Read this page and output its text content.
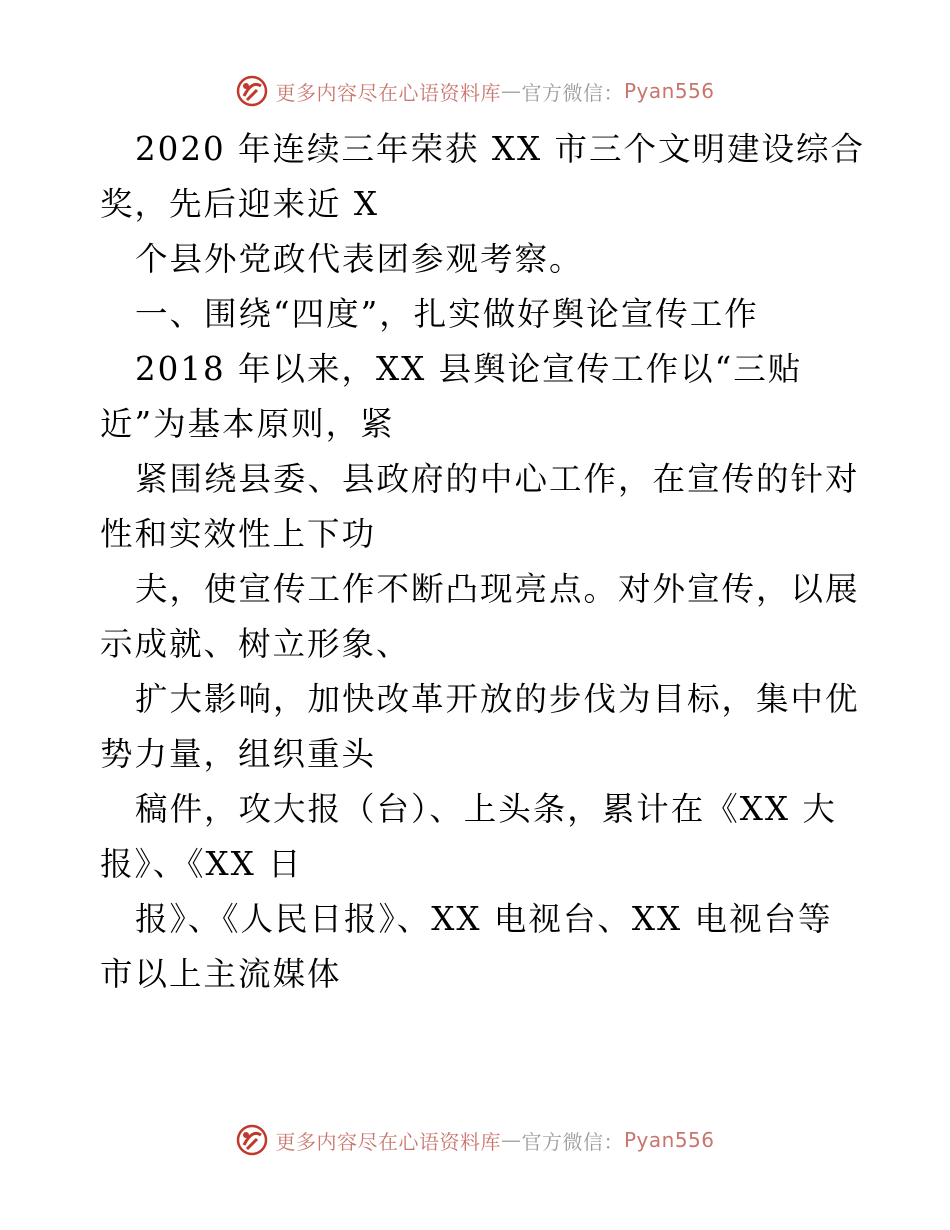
更多内容尽在心语资料库 — 官方微信： Pyan556
2020 年连续三年荣获 XX 市三个文明建设综合
奖，先后迎来近 X
个县外党政代表团参观考察。
一、围绕“四度”，扎实做好舆论宣传工作
2018 年以来，XX 县舆论宣传工作以“三贴
近”为基本原则，紧
紧围绕县委、县政府的中心工作，在宣传的针对
性和实效性上下功
夫，使宣传工作不断凸现亮点。对外宣传，以展
示成就、树立形象、
扩大影响，加快改革开放的步伐为目标，集中优
势力量，组织重头
稿件，攻大报（台）、上头条，累计在《XX 大
报》、《XX 日
报》、《人民日报》、XX 电视台、XX 电视台等
市以上主流媒体
更多内容尽在心语资料库 — 官方微信： Pyan556
